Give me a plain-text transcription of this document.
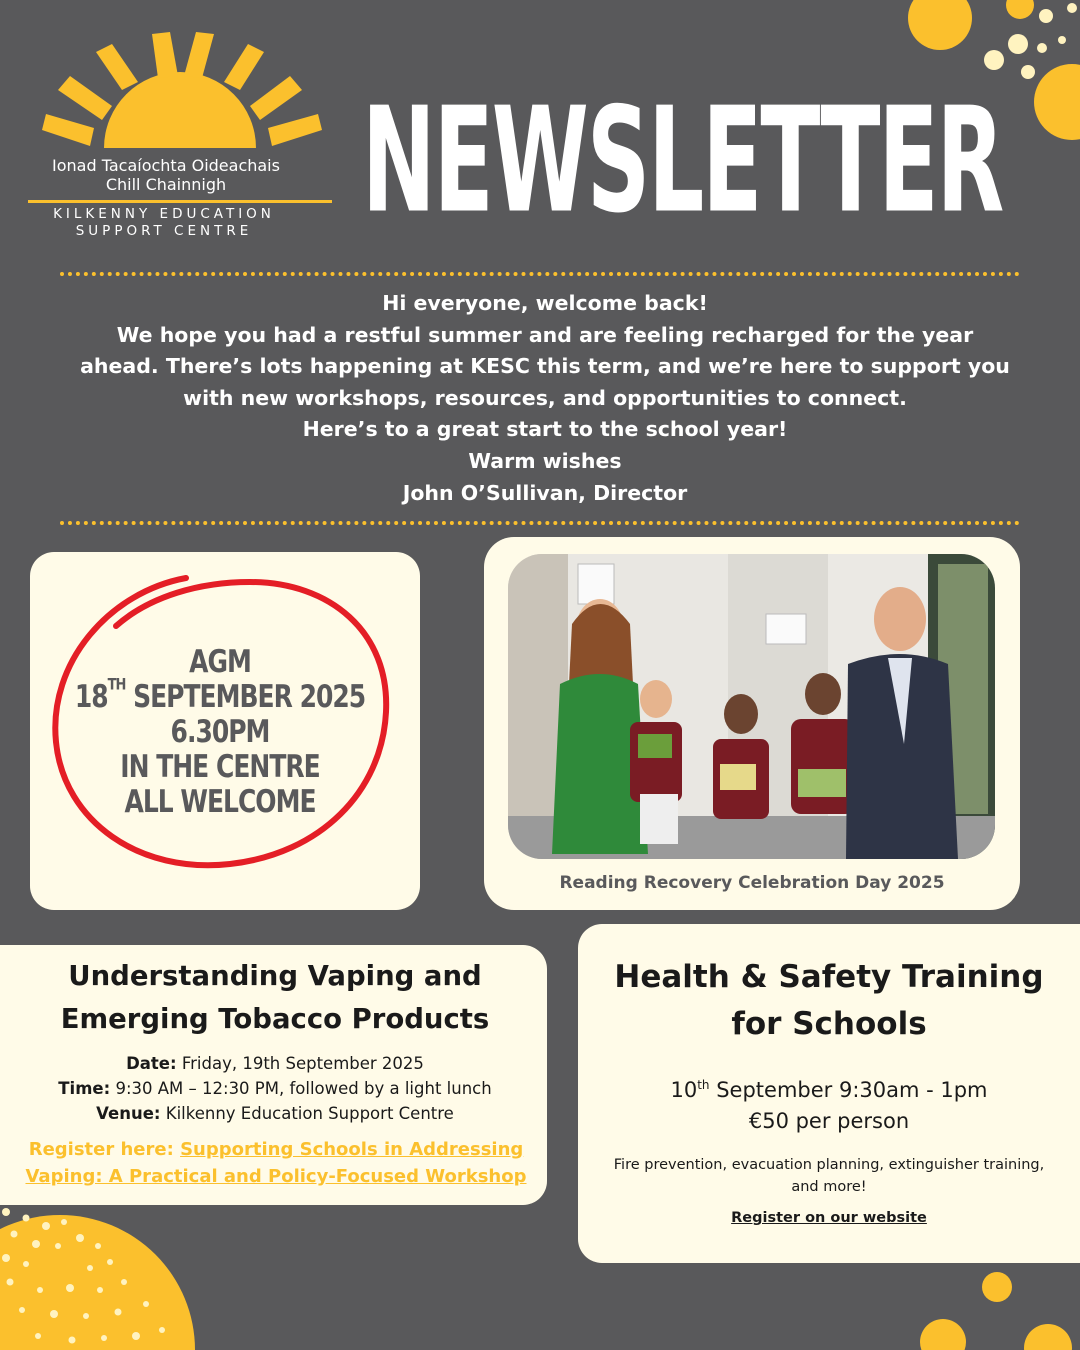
Ionad Tacaíochta Oideachais
Chill Chainnigh
KILKENNY EDUCATION
SUPPORT CENTRE	NEWSLETTER
Hi everyone, welcome back!
We hope you had a restful summer and are feeling recharged for the year
ahead. There’s lots happening at KESC this term, and we’re here to support you
with new workshops, resources, and opportunities to connect.
Here’s to a great start to the school year!
Warm wishes
John O’Sullivan, Director
AGM
18TH SEPTEMBER 2025
6.30PM
IN THE CENTRE
ALL WELCOME
Reading Recovery Celebration Day 2025
Understanding Vaping and
Emerging Tobacco Products
Date: Friday, 19th September 2025
Time: 9:30 AM – 12:30 PM, followed by a light lunch
Venue: Kilkenny Education Support Centre
Register here: Supporting Schools in Addressing
Vaping: A Practical and Policy-Focused Workshop
Health & Safety Training
for Schools
10th September 9:30am - 1pm
€50 per person
Fire prevention, evacuation planning, extinguisher training,
and more!
Register on our website
